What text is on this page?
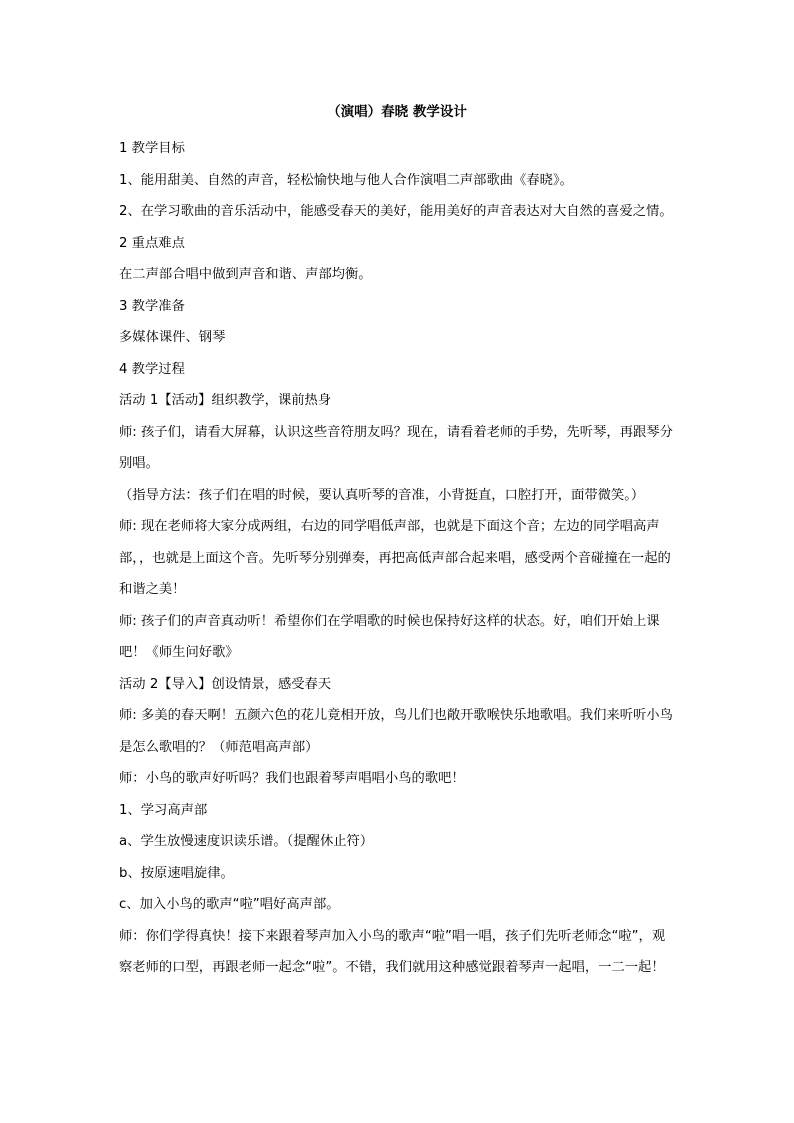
（演唱）春晓 教学设计

1 教学目标

1、能用甜美、自然的声音，轻松愉快地与他人合作演唱二声部歌曲《春晓》。

2、在学习歌曲的音乐活动中，能感受春天的美好，能用美好的声音表达对大自然的喜爱之情。

2 重点难点

在二声部合唱中做到声音和谐、声部均衡。

3 教学准备

多媒体课件、钢琴

4 教学过程

活动 1【活动】组织教学，课前热身

师: 孩子们，请看大屏幕，认识这些音符朋友吗？现在，请看着老师的手势，先听琴，再跟琴分别唱。

（指导方法：孩子们在唱的时候，要认真听琴的音准，小背挺直，口腔打开，面带微笑。）

师: 现在老师将大家分成两组，右边的同学唱低声部，也就是下面这个音；左边的同学唱高声部，，也就是上面这个音。先听琴分别弹奏，再把高低声部合起来唱，感受两个音碰撞在一起的和谐之美！

师: 孩子们的声音真动听！希望你们在学唱歌的时候也保持好这样的状态。好，咱们开始上课吧！《师生问好歌》

活动 2【导入】创设情景，感受春天

师: 多美的春天啊！五颜六色的花儿竟相开放，鸟儿们也敞开歌喉快乐地歌唱。我们来听听小鸟是怎么歌唱的？（师范唱高声部）

师：小鸟的歌声好听吗？我们也跟着琴声唱唱小鸟的歌吧！

1、学习高声部

a、学生放慢速度识读乐谱。（提醒休止符）

b、按原速唱旋律。

c、加入小鸟的歌声“啦”唱好高声部。

师：你们学得真快！接下来跟着琴声加入小鸟的歌声“啦”唱一唱，孩子们先听老师念“啦”，观察老师的口型，再跟老师一起念“啦”。不错，我们就用这种感觉跟着琴声一起唱，一二一起！
